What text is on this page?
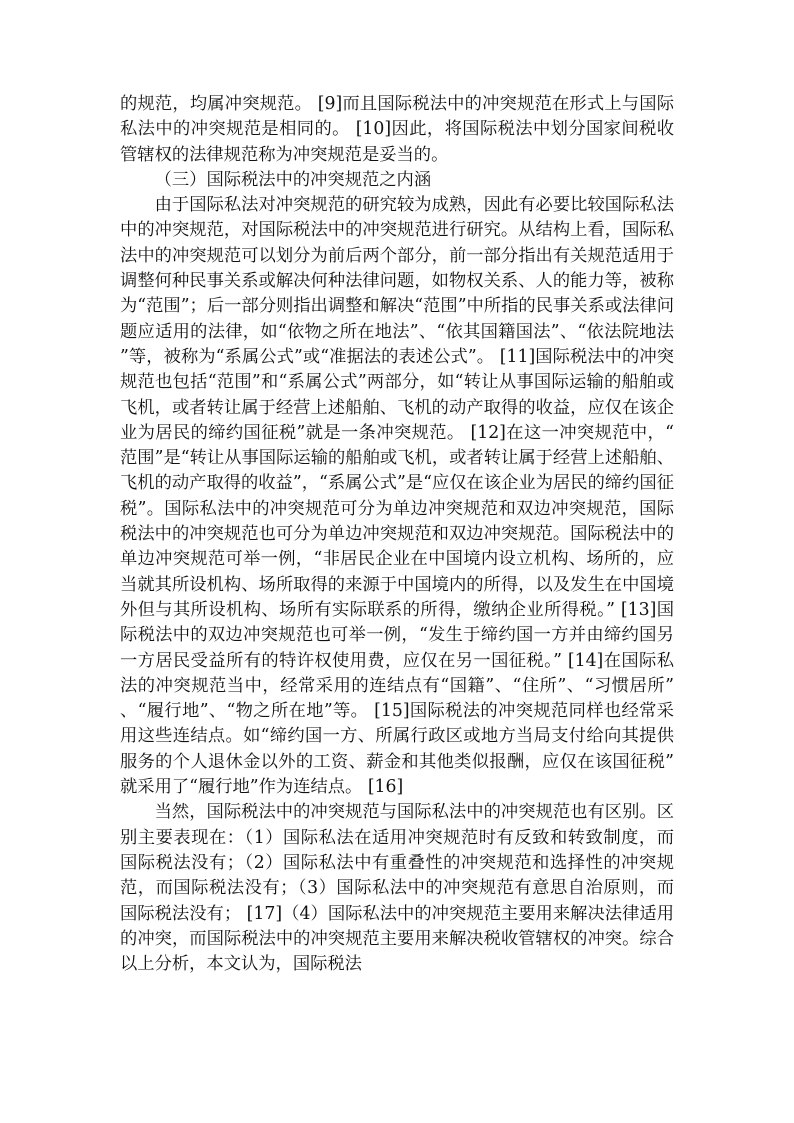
的规范，均属冲突规范。 [9]而且国际税法中的冲突规范在形式上与国际私法中的冲突规范是相同的。 [10]因此，将国际税法中划分国家间税收管辖权的法律规范称为冲突规范是妥当的。

（三）国际税法中的冲突规范之内涵

由于国际私法对冲突规范的研究较为成熟，因此有必要比较国际私法中的冲突规范，对国际税法中的冲突规范进行研究。从结构上看，国际私法中的冲突规范可以划分为前后两个部分，前一部分指出有关规范适用于调整何种民事关系或解决何种法律问题，如物权关系、人的能力等，被称为“范围”；后一部分则指出调整和解决“范围”中所指的民事关系或法律问题应适用的法律，如“依物之所在地法”、“依其国籍国法”、“依法院地法”等，被称为“系属公式”或“准据法的表述公式”。 [11]国际税法中的冲突规范也包括“范围”和“系属公式”两部分，如“转让从事国际运输的船舶或飞机，或者转让属于经营上述船舶、飞机的动产取得的收益，应仅在该企业为居民的缔约国征税”就是一条冲突规范。 [12]在这一冲突规范中，“范围”是“转让从事国际运输的船舶或飞机，或者转让属于经营上述船舶、飞机的动产取得的收益”，“系属公式”是“应仅在该企业为居民的缔约国征税”。国际私法中的冲突规范可分为单边冲突规范和双边冲突规范，国际税法中的冲突规范也可分为单边冲突规范和双边冲突规范。国际税法中的单边冲突规范可举一例，“非居民企业在中国境内设立机构、场所的，应当就其所设机构、场所取得的来源于中国境内的所得，以及发生在中国境外但与其所设机构、场所有实际联系的所得，缴纳企业所得税。” [13]国际税法中的双边冲突规范也可举一例，“发生于缔约国一方并由缔约国另一方居民受益所有的特许权使用费，应仅在另一国征税。” [14]在国际私法的冲突规范当中，经常采用的连结点有“国籍”、“住所”、“习惯居所”、“履行地”、“物之所在地”等。 [15]国际税法的冲突规范同样也经常采用这些连结点。如“缔约国一方、所属行政区或地方当局支付给向其提供服务的个人退休金以外的工资、薪金和其他类似报酬，应仅在该国征税”就采用了“履行地”作为连结点。 [16]

当然，国际税法中的冲突规范与国际私法中的冲突规范也有区别。区别主要表现在：（1）国际私法在适用冲突规范时有反致和转致制度，而国际税法没有；（2）国际私法中有重叠性的冲突规范和选择性的冲突规范，而国际税法没有；（3）国际私法中的冲突规范有意思自治原则，而国际税法没有； [17]（4）国际私法中的冲突规范主要用来解决法律适用的冲突，而国际税法中的冲突规范主要用来解决税收管辖权的冲突。综合以上分析，本文认为，国际税法
